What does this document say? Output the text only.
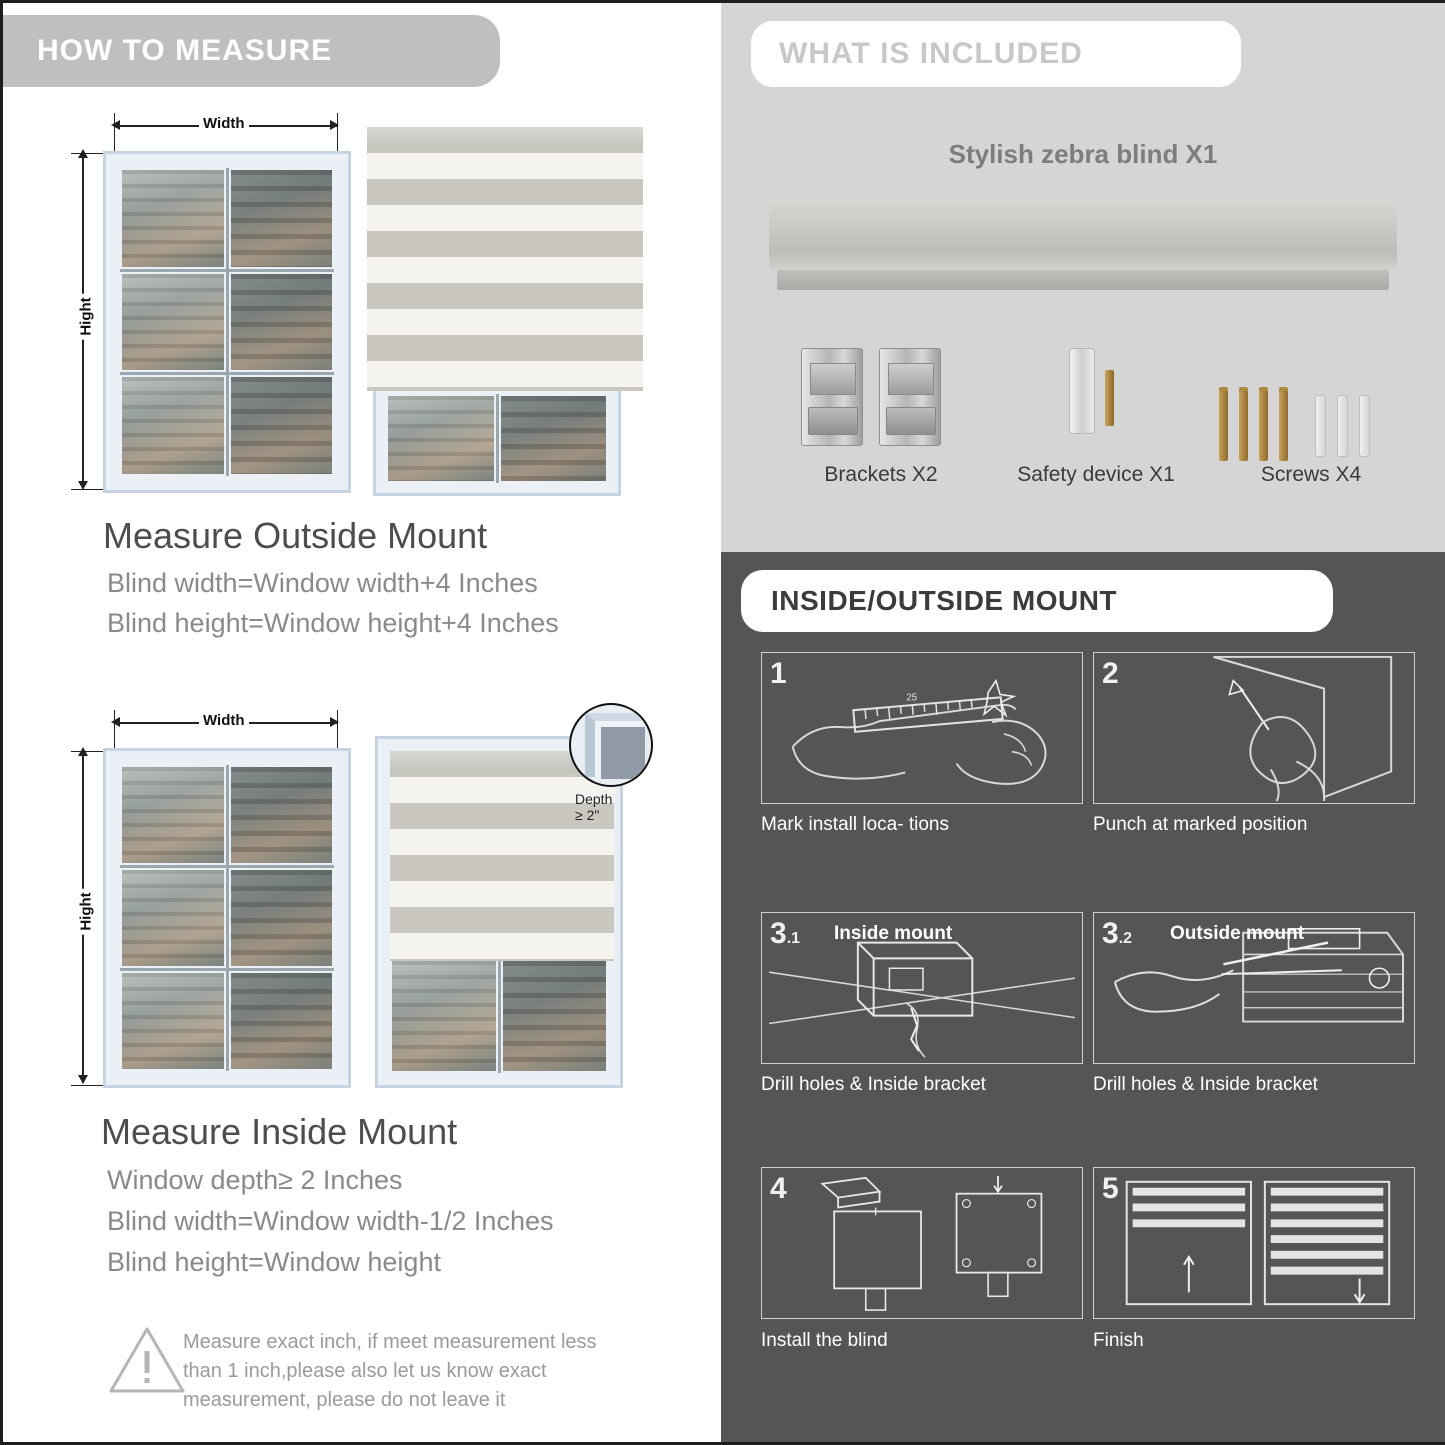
HOW TO MEASURE
Width
Hight
Measure Outside Mount
Blind width=Window width+4 Inches
Blind height=Window height+4 Inches
Width
Hight
Depth ≥ 2"
Measure Inside Mount
Window depth≥ 2 Inches
Blind width=Window width-1/2 Inches
Blind height=Window height
Measure exact inch, if meet measurement less than 1 inch,please also let us know exact measurement, please do not leave it
WHAT IS INCLUDED
Stylish zebra blind X1
Brackets X2	Safety device X1	Screws X4
INSIDE/OUTSIDE MOUNT
25
1
Mark install loca- tions
2
Punch at marked position
3.1 Inside mount
Drill holes & Inside bracket
3.2 Outside mount
Drill holes & Inside bracket
4
Install the blind
5
Finish
